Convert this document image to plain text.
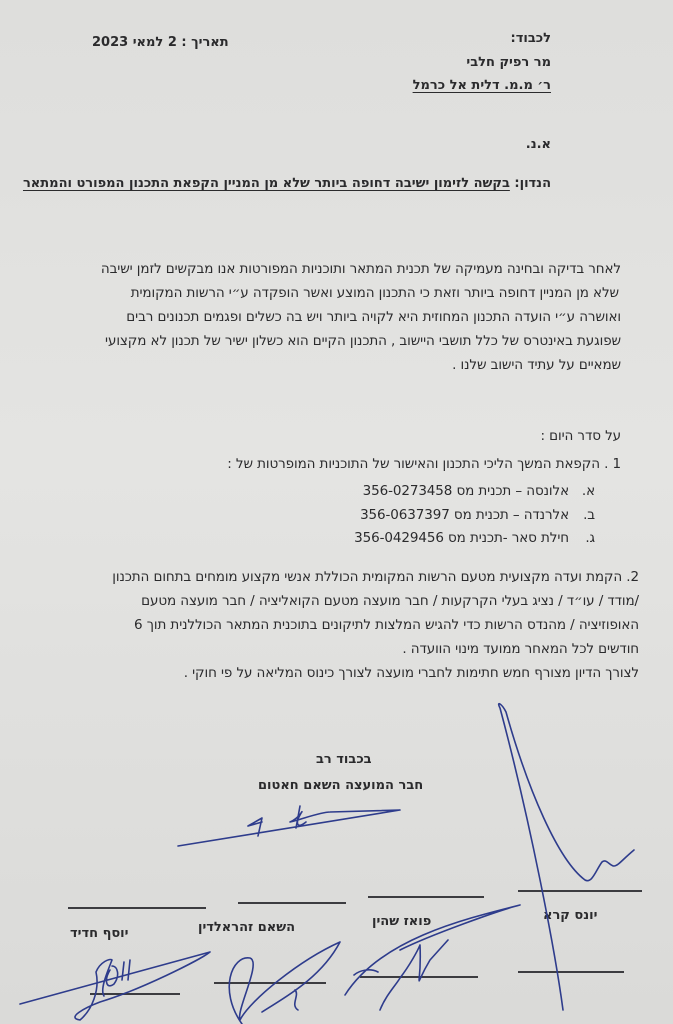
לכבוד:
מר רפיק חלבי
ר׳ מ.מ. דלית אל כרמל
תאריך : 2 למאי 2023
א.נ.
הנדון: בקשה לזימון ישיבה דחופה ביותר שלא מן המניין הקפאת התכנון המפורט והמתאר
לאחר בדיקה ובחינה מעמיקה של תכנית המתאר ותוכניות המפורטות אנו מבקשים לזמן ישיבה
שלא מן המניין דחופה ביותר וזאת כי התכנון המוצע ואשר הופקדה ע״י הרשות המקומית
ואושרה ע״י הועדה התכנון המחוזית היא לקויה ביותר ויש בה כשלים ופגמים תכנונים רבים
שפוגעת באינטרס של כלל תושבי היישוב , התכנון הקיים הוא כשלון ישיר של תכנון לא מקצועי
שמאיים על עתיד הישוב שלנו .
על סדר היום :
1 . הקפאת המשך הליכי התכנון והאישור של התוכניות המופרטות של :
א.אלונסה – תכנית מס 356-0273458
ב.אלרנדה – תכנית מס 356-0637397
ג.חילת סאר -תכנית מס 356-0429456
2. הקמת ועדה מקצועית מטעם הרשות המקומית הכוללת אנשי מקצוע מומחים בתחום התכנון
/מודד / עו״ד / נציג בעלי הקרקעות / חבר מועצה מטעם הקואליציה / חבר מועצה מטעם
האופוזיציה / מהנדס הרשות כדי להגיש המלצות לתיקונים בתוכנית המתאר הכוללנית תוך 6
חודשים לכל המאחר ממועד מינוי הוועדה .
לצורך הדיון מצורף חמש חתימות לחברי מועצה לצורך כינוס המליאה על פי חוקי .
בכבוד רב
חבר המועצה השאם חאטום
יונס קרא
פואז שהין
השאם זהראלדין
יוסף חדיד
